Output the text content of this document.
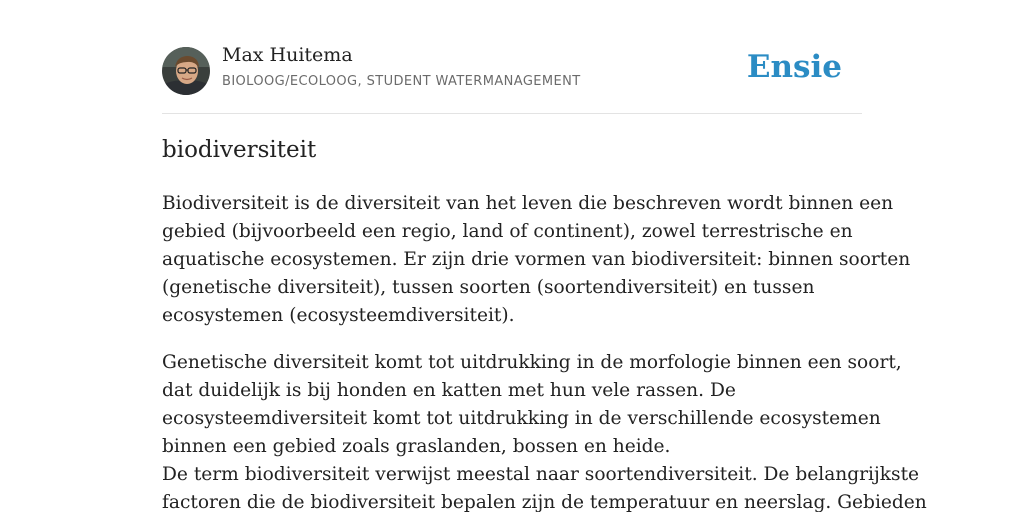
Max Huitema
BIOLOOG/ECOLOOG, STUDENT WATERMANAGEMENT	Ensie
biodiversiteit

Biodiversiteit is de diversiteit van het leven die beschreven wordt binnen een
gebied (bijvoorbeeld een regio, land of continent), zowel terrestrische en
aquatische ecosystemen. Er zijn drie vormen van biodiversiteit: binnen soorten
(genetische diversiteit), tussen soorten (soortendiversiteit) en tussen
ecosystemen (ecosysteemdiversiteit).

Genetische diversiteit komt tot uitdrukking in de morfologie binnen een soort,
dat duidelijk is bij honden en katten met hun vele rassen. De
ecosysteemdiversiteit komt tot uitdrukking in de verschillende ecosystemen
binnen een gebied zoals graslanden, bossen en heide.
De term biodiversiteit verwijst meestal naar soortendiversiteit. De belangrijkste
factoren die de biodiversiteit bepalen zijn de temperatuur en neerslag. Gebieden
